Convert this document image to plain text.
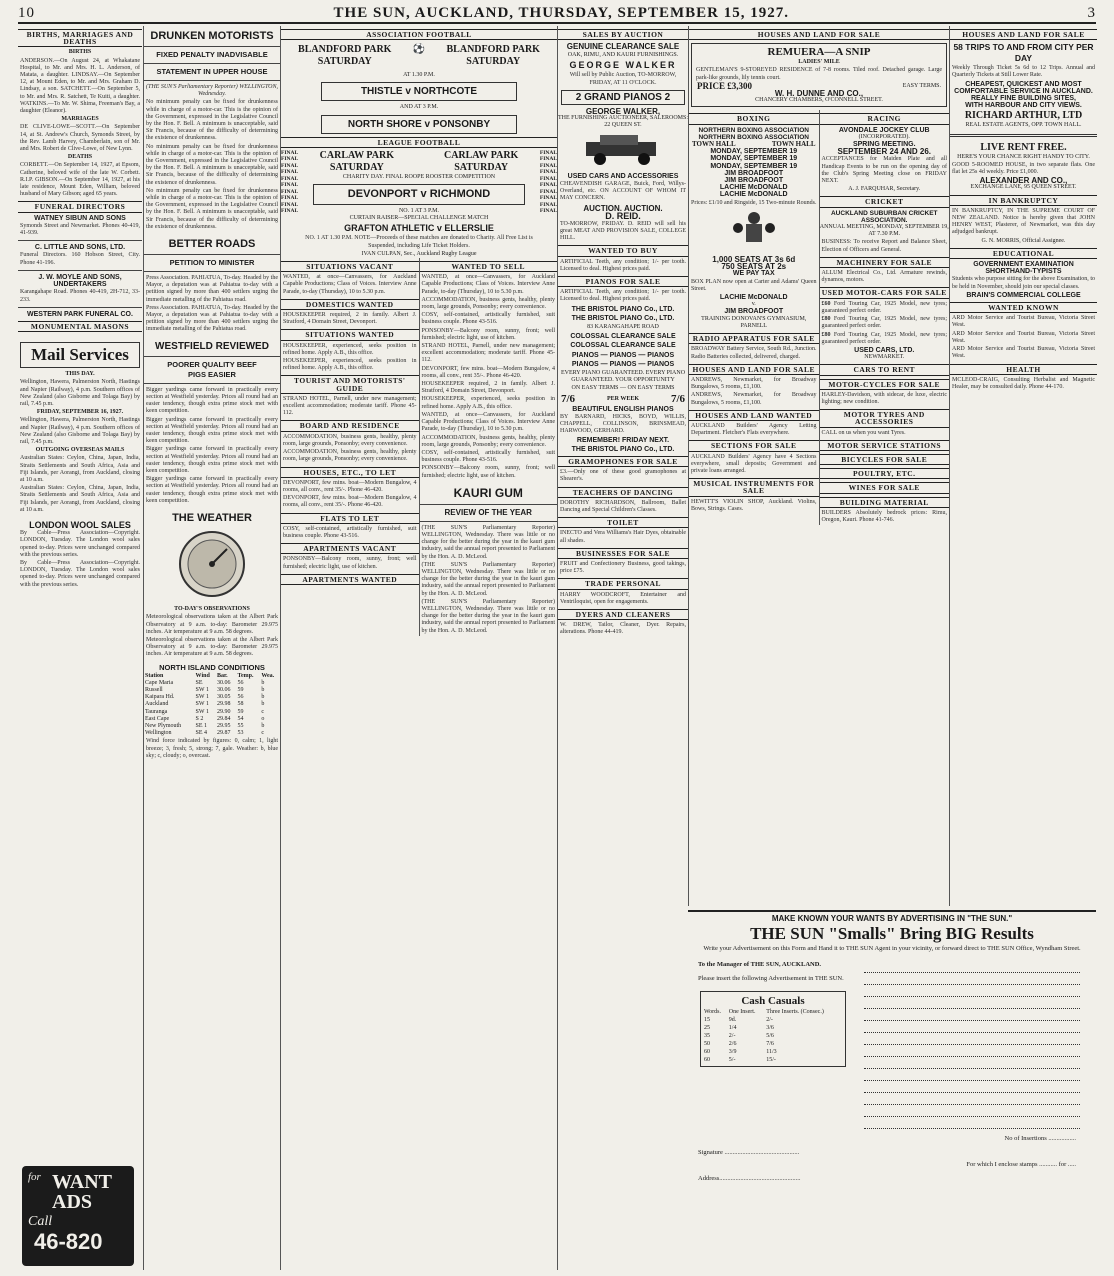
10	THE SUN, AUCKLAND, THURSDAY, SEPTEMBER 15, 1927.	3
BIRTHS, MARRIAGES AND DEATHS
BIRTHS
ANDERSON.—On August 24, at Whakatane Hospital, to Mr. and Mrs. H. L. Anderson, of Matata, a daughter. LINDSAY.—On September 12, at Mount Eden, to Mr. and Mrs. Graham D. Lindsay, a son. SATCHETT.—On September 5, to Mr. and Mrs. R. Satchett, Te Kuiti, a daughter. WATKINS.—To Mr. W. Shima, Freeman's Bay, a daughter (Eleanor).
MARRIAGES
DE CLIVE-LOWE—SCOTT.—On September 14, at St. Andrew's Church, Symonds Street, by the Rev. Lamb Harvey, Chamberlain, son of Mr. and Mrs. Robert de Clive-Lowe, of New Lynn.
DEATHS
CORBETT.—On September 14, 1927, at Epsom, Catherine, beloved wife of the late W. Corbett. R.I.P. GIBSON.—On September 14, 1927, at his late residence, Mount Eden, William, beloved husband of Mary Gibson; aged 65 years.
FUNERAL DIRECTORS
WATNEY SIBUN AND SONS
Symonds Street and Newmarket. Phones 40-419, 41-939.
C. LITTLE AND SONS, LTD.
Funeral Directors. 160 Hobson Street, City. Phone 41-196.
J. W. MOYLE AND SONS, UNDERTAKERS
Karangahape Road. Phones 40-419, 2H-712, 33-233.
WESTERN PARK FUNERAL CO.
MONUMENTAL MASONS
Mail Services
THIS DAY.
Wellington, Hawera, Palmerston North, Hastings and Napier (Railway), 4 p.m. Southern offices of New Zealand (also Gisborne and Tolaga Bay) by rail, 7.45 p.m.
FRIDAY, SEPTEMBER 16, 1927.
Wellington, Hawera, Palmerston North, Hastings and Napier (Railway), 4 p.m. Southern offices of New Zealand (also Gisborne and Tolaga Bay) by rail, 7.45 p.m.
OUTGOING OVERSEAS MAILS
Australian States: Ceylon, China, Japan, India, Straits Settlements and South Africa, Asia and Fiji Islands, per Aorangi, from Auckland, closing at 10 a.m.
Australian States: Ceylon, China, Japan, India, Straits Settlements and South Africa, Asia and Fiji Islands, per Aorangi, from Auckland, closing at 10 a.m.
LONDON WOOL SALES
By Cable—Press Association—Copyright. LONDON, Tuesday. The London wool sales opened to-day. Prices were unchanged compared with the previous series.
By Cable—Press Association—Copyright. LONDON, Tuesday. The London wool sales opened to-day. Prices were unchanged compared with the previous series.
for WANT ADS
Call
46-820
DRUNKEN MOTORISTS
FIXED PENALTY INADVISABLE
STATEMENT IN UPPER HOUSE
(THE SUN'S Parliamentary Reporter) WELLINGTON, Wednesday.
No minimum penalty can be fixed for drunkenness while in charge of a motor-car. This is the opinion of the Government, expressed in the Legislative Council by the Hon. F. Bell. A minimum is unacceptable, said Sir Francis, because of the difficulty of determining the existence of drunkenness.
No minimum penalty can be fixed for drunkenness while in charge of a motor-car. This is the opinion of the Government, expressed in the Legislative Council by the Hon. F. Bell. A minimum is unacceptable, said Sir Francis, because of the difficulty of determining the existence of drunkenness.
No minimum penalty can be fixed for drunkenness while in charge of a motor-car. This is the opinion of the Government, expressed in the Legislative Council by the Hon. F. Bell. A minimum is unacceptable, said Sir Francis, because of the difficulty of determining the existence of drunkenness.
BETTER ROADS
PETITION TO MINISTER
Press Association. PAHIATUA, To-day. Headed by the Mayor, a deputation was at Pahiatua to-day with a petition signed by more than 400 settlers urging the immediate metalling of the Pahiatua road.
Press Association. PAHIATUA, To-day. Headed by the Mayor, a deputation was at Pahiatua to-day with a petition signed by more than 400 settlers urging the immediate metalling of the Pahiatua road.
WESTFIELD REVIEWED
POORER QUALITY BEEF
PIGS EASIER
Bigger yardings came forward in practically every section at Westfield yesterday. Prices all round had an easier tendency, though extra prime stock met with keen competition.
Bigger yardings came forward in practically every section at Westfield yesterday. Prices all round had an easier tendency, though extra prime stock met with keen competition.
Bigger yardings came forward in practically every section at Westfield yesterday. Prices all round had an easier tendency, though extra prime stock met with keen competition.
Bigger yardings came forward in practically every section at Westfield yesterday. Prices all round had an easier tendency, though extra prime stock met with keen competition.
THE WEATHER
TO-DAY'S OBSERVATIONS
Meteorological observations taken at the Albert Park Observatory at 9 a.m. to-day: Barometer 29.975 inches. Air temperature at 9 a.m. 58 degrees.
Meteorological observations taken at the Albert Park Observatory at 9 a.m. to-day: Barometer 29.975 inches. Air temperature at 9 a.m. 58 degrees.
NORTH ISLAND CONDITIONS
Station	Wind	Bar.	Temp.	Wea.
Cape Maria	SE	30.06	56	b
Russell	SW 1	30.06	59	b
Kaipara Hd.	SW 1	30.05	56	b
Auckland	SW 1	29.98	58	b
Tauranga	SW 1	29.90	59	c
East Cape	S 2	29.84	54	o
New Plymouth	SE 1	29.95	55	b
Wellington	SE 4	29.87	53	c
Wind force indicated by figures: 0, calm; 1, light breeze; 3, fresh; 5, strong; 7, gale. Weather: b, blue sky; c, cloudy; o, overcast.
ASSOCIATION FOOTBALL
BLANDFORD PARK SATURDAY
⚽	BLANDFORD PARK SATURDAY
AT 1.30 P.M.
THISTLE v NORTHCOTE
AND AT 3 P.M.
NORTH SHORE v PONSONBY
LEAGUE FOOTBALL
FINAL
FINAL
FINAL
FINAL
FINAL
FINAL
FINAL
FINAL
FINAL
FINAL
CARLAW PARK SATURDAY
CARLAW PARK SATURDAY
CHARITY DAY. FINAL ROOPE ROOSTER COMPETITION
DEVONPORT v RICHMOND
NO. 1 AT 3 P.M.
CURTAIN RAISER—SPECIAL CHALLENGE MATCH
GRAFTON ATHLETIC v ELLERSLIE
NO. 1 AT 1.30 P.M. NOTE—Proceeds of these matches are donated to Charity. All Free List is Suspended, including Life Ticket Holders.
IVAN CULPAN, Sec., Auckland Rugby League
FINAL
FINAL
FINAL
FINAL
FINAL
FINAL
FINAL
FINAL
FINAL
FINAL
SITUATIONS VACANT
WANTED, at once—Canvassers, for Auckland Capable Productions; Class of Voices. Interview Anne Parade, to-day (Thursday), 10 to 5.30 p.m.
DOMESTICS WANTED
HOUSEKEEPER required, 2 in family. Albert J. Stratford, 4 Domain Street, Devonport.
SITUATIONS WANTED
HOUSEKEEPER, experienced, seeks position in refined home. Apply A.B., this office.
HOUSEKEEPER, experienced, seeks position in refined home. Apply A.B., this office.
TOURIST AND MOTORISTS' GUIDE
STRAND HOTEL, Parnell, under new management; excellent accommodation; moderate tariff. Phone 45-112.
BOARD AND RESIDENCE
ACCOMMODATION, business gents, healthy, plenty room, large grounds, Ponsonby; every convenience.
ACCOMMODATION, business gents, healthy, plenty room, large grounds, Ponsonby; every convenience.
HOUSES, ETC., TO LET
DEVONPORT, few mins. boat—Modern Bungalow, 4 rooms, all conv., rent 35/-. Phone 46-420.
DEVONPORT, few mins. boat—Modern Bungalow, 4 rooms, all conv., rent 35/-. Phone 46-420.
FLATS TO LET
COSY, self-contained, artistically furnished, suit business couple. Phone 43-516.
APARTMENTS VACANT
PONSONBY—Balcony room, sunny, front; well furnished; electric light, use of kitchen.
APARTMENTS WANTED
WANTED TO SELL
WANTED, at once—Canvassers, for Auckland Capable Productions; Class of Voices. Interview Anne Parade, to-day (Thursday), 10 to 5.30 p.m.
ACCOMMODATION, business gents, healthy, plenty room, large grounds, Ponsonby; every convenience.
COSY, self-contained, artistically furnished, suit business couple. Phone 43-516.
PONSONBY—Balcony room, sunny, front; well furnished; electric light, use of kitchen.
STRAND HOTEL, Parnell, under new management; excellent accommodation; moderate tariff. Phone 45-112.
DEVONPORT, few mins. boat—Modern Bungalow, 4 rooms, all conv., rent 35/-. Phone 46-420.
HOUSEKEEPER required, 2 in family. Albert J. Stratford, 4 Domain Street, Devonport.
HOUSEKEEPER, experienced, seeks position in refined home. Apply A.B., this office.
WANTED, at once—Canvassers, for Auckland Capable Productions; Class of Voices. Interview Anne Parade, to-day (Thursday), 10 to 5.30 p.m.
ACCOMMODATION, business gents, healthy, plenty room, large grounds, Ponsonby; every convenience.
COSY, self-contained, artistically furnished, suit business couple. Phone 43-516.
PONSONBY—Balcony room, sunny, front; well furnished; electric light, use of kitchen.
KAURI GUM
REVIEW OF THE YEAR
(THE SUN'S Parliamentary Reporter) WELLINGTON, Wednesday. There was little or no change for the better during the year in the kauri gum industry, said the annual report presented to Parliament by the Hon. A. D. McLeod.
(THE SUN'S Parliamentary Reporter) WELLINGTON, Wednesday. There was little or no change for the better during the year in the kauri gum industry, said the annual report presented to Parliament by the Hon. A. D. McLeod.
(THE SUN'S Parliamentary Reporter) WELLINGTON, Wednesday. There was little or no change for the better during the year in the kauri gum industry, said the annual report presented to Parliament by the Hon. A. D. McLeod.
SALES BY AUCTION
GENUINE CLEARANCE SALE
OAK, RIMU, AND KAURI FURNISHINGS.
GEORGE WALKER
Will sell by Public Auction, TO-MORROW, FRIDAY, AT 11 O'CLOCK.
2 GRAND PIANOS 2
GEORGE WALKER,
THE FURNISHING AUCTIONEER, SALEROOMS: 22 QUEEN ST.
USED CARS AND ACCESSORIES
CHEAVENDISH GARAGE, Buick, Ford, Willys-Overland, etc. ON ACCOUNT OF WHOM IT MAY CONCERN.
AUCTION. AUCTION.
D. REID.
TO-MORROW, FRIDAY. D. REID will sell his great MEAT AND PROVISION SALE, COLLEGE HILL.
WANTED TO BUY
ARTIFICIAL Teeth, any condition; 1/- per tooth. Licensed to deal. Highest prices paid.
PIANOS FOR SALE
ARTIFICIAL Teeth, any condition; 1/- per tooth. Licensed to deal. Highest prices paid.
THE BRISTOL PIANO Co., LTD.
THE BRISTOL PIANO Co., LTD.
83 KARANGAHAPE ROAD
COLOSSAL CLEARANCE SALE
COLOSSAL CLEARANCE SALE
PIANOS — PIANOS — PIANOS
PIANOS — PIANOS — PIANOS
EVERY PIANO GUARANTEED. EVERY PIANO GUARANTEED. YOUR OPPORTUNITY
ON EASY TERMS — ON EASY TERMS
7/6	PER WEEK	7/6
BEAUTIFUL ENGLISH PIANOS
BY BARNARD, HICKS, BOYD, WILLIS, CHAPPELL, COLLINSON, BRINSMEAD, HARWOOD, GERHARD.
REMEMBER! FRIDAY NEXT.
THE BRISTOL PIANO Co., LTD.
GRAMOPHONES FOR SALE
£3.—Only one of these good gramophones at Shearer's.
TEACHERS OF DANCING
DOROTHY RICHARDSON, Ballroom, Ballet Dancing and Special Children's Classes.
TOILET
INECTO and Vera Williams's Hair Dyes, obtainable all shades.
BUSINESSES FOR SALE
FRUIT and Confectionery Business, good takings, price £75.
TRADE PERSONAL
HARRY WOODCROFT, Entertainer and Ventriloquist, open for engagements.
DYERS AND CLEANERS
W. DREW, Tailor, Cleaner, Dyer. Repairs, alterations. Phone 44-419.
HOUSES AND LAND FOR SALE
REMUERA—A SNIP
LADIES' MILE
GENTLEMAN'S 9-STOREYED RESIDENCE of 7-8 rooms. Tiled roof. Detached garage. Large park-like grounds, lily tennis court.
PRICE £3,300	EASY TERMS.
W. H. DUNNE AND CO.,
CHANCERY CHAMBERS, O'CONNELL STREET.
BOXING
NORTHERN BOXING ASSOCIATION
NORTHERN BOXING ASSOCIATION
TOWN HALL	TOWN HALL
MONDAY, SEPTEMBER 19
MONDAY, SEPTEMBER 19
MONDAY, SEPTEMBER 19
JIM BROADFOOT
JIM BROADFOOT
LACHIE McDONALD
LACHIE McDONALD
Prices: £1/10 and Ringside, 15 Two-minute Rounds.
1,000 SEATS AT 3s 6d
750 SEATS AT 2s
WE PAY TAX
BOX PLAN now open at Carter and Adams' Queen Street.
LACHIE McDONALD
v.
JIM BROADFOOT
TRAINING DONOVAN'S GYMNASIUM, PARNELL
RADIO APPARATUS FOR SALE
BROADWAY Battery Service, South Rd., Junction. Radio Batteries collected, delivered, charged.
HOUSES AND LAND FOR SALE
ANDREWS, Newmarket, for Broadway Bungalows, 5 rooms, £1,100.
ANDREWS, Newmarket, for Broadway Bungalows, 5 rooms, £1,100.
HOUSES AND LAND WANTED
AUCKLAND Builders' Agency Letting Department. Fletcher's Flats everywhere.
SECTIONS FOR SALE
AUCKLAND Builders' Agency have 4 Sections everywhere, small deposits; Government and private loans arranged.
MUSICAL INSTRUMENTS FOR SALE
HEWITT'S VIOLIN SHOP, Auckland. Violins, Bows, Strings. Cases.
RACING
AVONDALE JOCKEY CLUB
(INCORPORATED).
SPRING MEETING.
SEPTEMBER 24 AND 26.
ACCEPTANCES for Maiden Plate and all Handicap Events to be run on the opening day of the Club's Spring Meeting close on FRIDAY NEXT.
A. J. FARQUHAR, Secretary.
CRICKET
AUCKLAND SUBURBAN CRICKET ASSOCIATION.
ANNUAL MEETING, MONDAY, SEPTEMBER 19, AT 7.30 P.M.
BUSINESS: To receive Report and Balance Sheet, Election of Officers and General.
MACHINERY FOR SALE
ALLUM Electrical Co., Ltd. Armature rewinds, dynamos, motors.
USED MOTOR-CARS FOR SALE
£60 Ford Touring Car, 1925 Model, new tyres; guaranteed perfect order.
£80 Ford Touring Car, 1925 Model, new tyres; guaranteed perfect order.
£80 Ford Touring Car, 1925 Model, new tyres; guaranteed perfect order.
USED CARS, LTD.
NEWMARKET.
CARS TO RENT
MOTOR-CYCLES FOR SALE
HARLEY-Davidson, with sidecar, de luxe, electric lighting; new condition.
MOTOR TYRES AND ACCESSORIES
CALL on us when you want Tyres.
MOTOR SERVICE STATIONS
BICYCLES FOR SALE
POULTRY, ETC.
WINES FOR SALE
BUILDING MATERIAL
BUILDERS Absolutely bedrock prices: Rimu, Oregon, Kauri. Phone 41-746.
HOUSES AND LAND FOR SALE
58 TRIPS TO AND FROM CITY PER DAY
Weekly Through Ticket 5s 6d to 12 Trips. Annual and Quarterly Tickets at Still Lower Rate.
CHEAPEST, QUICKEST AND MOST COMFORTABLE SERVICE IN AUCKLAND.
REALLY FINE BUILDING SITES,
WITH HARBOUR AND CITY VIEWS.
RICHARD ARTHUR, LTD
REAL ESTATE AGENTS, OPP. TOWN HALL.
LIVE RENT FREE.
HERE'S YOUR CHANCE RIGHT HANDY TO CITY.
GOOD 5-ROOMED HOUSE, in two separate flats. One flat let 25s 4d weekly. Price £1,000.
ALEXANDER AND CO.,
EXCHANGE LANE, 95 QUEEN STREET.
IN BANKRUPTCY
IN BANKRUPTCY, IN THE SUPREME COURT OF NEW ZEALAND. Notice is hereby given that JOHN HENRY WEST, Plasterer, of Newmarket, was this day adjudged bankrupt.
G. N. MORRIS, Official Assignee.
EDUCATIONAL
GOVERNMENT EXAMINATION
SHORTHAND-TYPISTS
Students who purpose sitting for the above Examination, to be held in November, should join our special classes.
BRAIN'S COMMERCIAL COLLEGE
WANTED KNOWN
ARD Motor Service and Tourist Bureau, Victoria Street West.
ARD Motor Service and Tourist Bureau, Victoria Street West.
ARD Motor Service and Tourist Bureau, Victoria Street West.
HEALTH
MCLEOD-CRAIG, Consulting Herbalist and Magnetic Healer, may be consulted daily. Phone 44-170.
MAKE KNOWN YOUR WANTS BY ADVERTISING IN "THE SUN."
THE SUN "Smalls" Bring BIG Results
Write your Advertisement on this Form and Hand it to THE SUN Agent in your vicinity, or forward direct to THE SUN Office, Wyndham Street.
To the Manager of THE SUN, AUCKLAND.
Please insert the following Advertisement in THE SUN.
Cash Casuals
Words.	One Insert.	Three Inserts. (Consec.)
15	9d.	2/-
25	1/4	3/6
35	2/-	5/6
50	2/6	7/6
60	3/9	11/3
60	5/-	15/-
No of Insertions .................
Signature ..............................................
For which I enclose stamps ........... for .....
Address..................................................
